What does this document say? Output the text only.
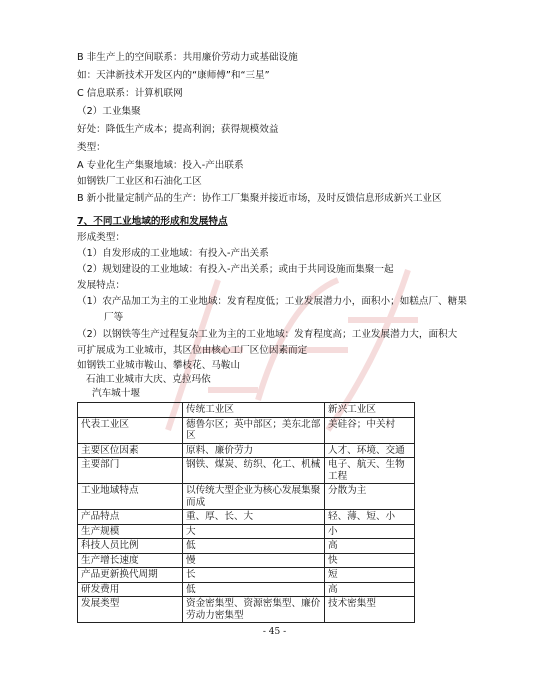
B 非生产上的空间联系：共用廉价劳动力或基础设施
如：天津新技术开发区内的“康师傅”和“三星”
C 信息联系：计算机联网
（2）工业集聚
好处：降低生产成本；提高利润；获得规模效益
类型：
A 专业化生产集聚地域：投入-产出联系
如钢铁厂工业区和石油化工区
B 新小批量定制产品的生产：协作工厂集聚并接近市场，及时反馈信息形成新兴工业区
7、不同工业地域的形成和发展特点
形成类型：
（1）自发形成的工业地域：有投入-产出关系
（2）规划建设的工业地域：有投入-产出关系；或由于共同设施而集聚一起
发展特点：
（1）农产品加工为主的工业地域：发育程度低；工业发展潜力小，面积小；如糕点厂、糖果
厂等
（2）以钢铁等生产过程复杂工业为主的工业地域：发育程度高；工业发展潜力大，面积大
可扩展成为工业城市，其区位由核心工厂区位因素而定
如钢铁工业城市鞍山、攀枝花、马鞍山
石油工业城市大庆、克拉玛依
汽车城十堰
	传统工业区	新兴工业区
代表工业区	德鲁尔区；英中部区；美东北部区	美硅谷；中关村
主要区位因素	原料、廉价劳力	人才、环境、交通
主要部门	钢铁、煤炭、纺织、化工、机械	电子、航天、生物工程
工业地域特点	以传统大型企业为核心发展集聚而成	分散为主
产品特点	重、厚、长、大	轻、薄、短、小
生产规模	大	小
科技人员比例	低	高
生产增长速度	慢	快
产品更新换代周期	长	短
研发费用	低	高
发展类型	资金密集型、资源密集型、廉价劳动力密集型	技术密集型
- 45 -
